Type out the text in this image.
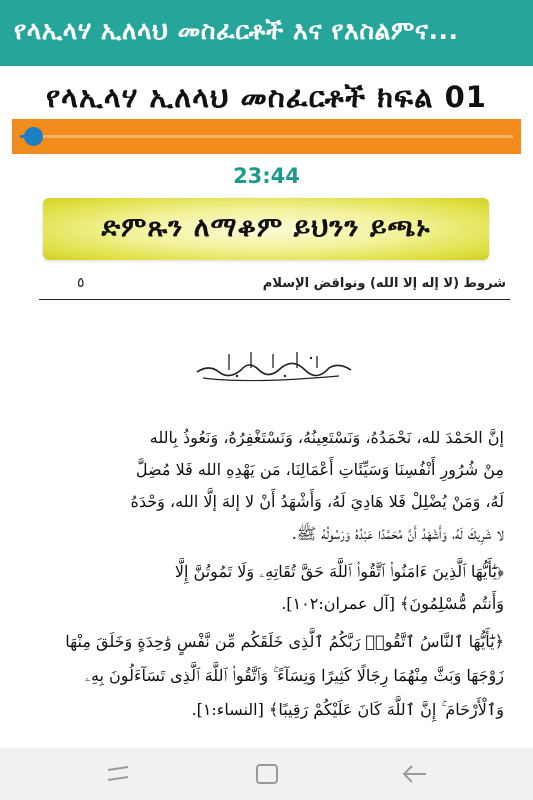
የላኢላሃ ኢለላህ መስፈርቶች እና የእስልምና...
የላኢላሃ ኢለላህ መስፈርቶች ክፍል 01
23:44
ድምጹን ለማቆም ይህንን ይጫኑ
شروط (لا إله إلا الله) ونواقض الإسلام
٥
إنَّ الحَمْدَ لله، نَحْمَدُهُ، وَنَسْتَعِينُهُ، وَنَسْتَغْفِرُهُ، وَنَعُوذُ بِالله
مِنْ شُرُورِ أَنْفُسِنَا وَسَيِّئَاتِ أَعْمَالِنَا، مَن يَهْدِهِ الله فَلا مُضِلَّ
لَهُ، وَمَنْ يُضْلِلْ فَلا هَادِيَ لَهُ، وَأَشْهَدُ أَنْ لا إلهَ إلَّا الله، وَحْدَهُ
لا شَرِيكَ لَهُ، وَأَشْهَدُ أَنَّ مُحَمَّدًا عَبْدُهُ وَرَسُولُهُ ﷺ.
﴿يَٰٓأَيُّهَا ٱلَّذِينَ ءَامَنُوا۟ ٱتَّقُوا۟ ٱللَّهَ حَقَّ تُقَاتِهِۦ وَلَا تَمُوتُنَّ إِلَّا
وَأَنتُم مُّسْلِمُونَ﴾ [آل عمران:١٠٢].
﴿يَٰٓأَيُّهَا ٱلنَّاسُ ٱتَّقُوا۟ رَبَّكُمُ ٱلَّذِى خَلَقَكُم مِّن نَّفْسٍ وَٰحِدَةٍ وَخَلَقَ مِنْهَا
زَوْجَهَا وَبَثَّ مِنْهُمَا رِجَالًا كَثِيرًا وَنِسَآءً ۚ وَٱتَّقُوا۟ ٱللَّهَ ٱلَّذِى تَسَآءَلُونَ بِهِۦ
وَٱلْأَرْحَامَ ۚ إِنَّ ٱللَّهَ كَانَ عَلَيْكُمْ رَقِيبًا﴾ [النساء:١].
